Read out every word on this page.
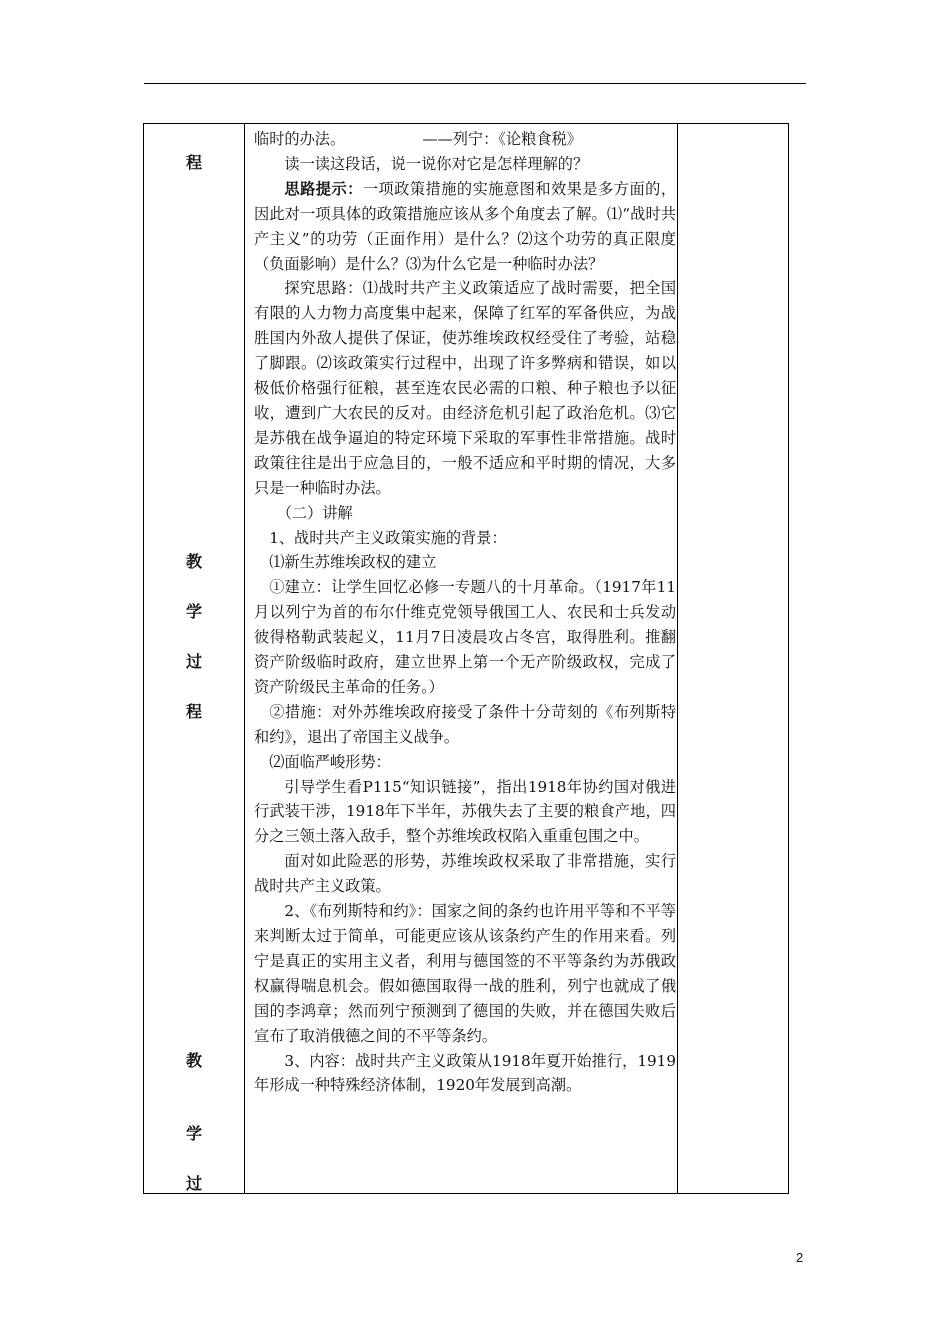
程
教
学
过
程
教
学
过

临时的办法。                ——列宁：《论粮食税》

读一读这段话，说一说你对它是怎样理解的？

思路提示：一项政策措施的实施意图和效果是多方面的，因此对一项具体的政策措施应该从多个角度去了解。⑴“战时共产主义”的功劳（正面作用）是什么？⑵这个功劳的真正限度（负面影响）是什么？⑶为什么它是一种临时办法？

探究思路：⑴战时共产主义政策适应了战时需要，把全国有限的人力物力高度集中起来，保障了红军的军备供应，为战胜国内外敌人提供了保证，使苏维埃政权经受住了考验，站稳了脚跟。⑵该政策实行过程中，出现了许多弊病和错误，如以极低价格强行征粮，甚至连农民必需的口粮、种子粮也予以征收，遭到广大农民的反对。由经济危机引起了政治危机。⑶它是苏俄在战争逼迫的特定环境下采取的军事性非常措施。战时政策往往是出于应急目的，一般不适应和平时期的情况，大多只是一种临时办法。

（二）讲解

1、战时共产主义政策实施的背景：

⑴新生苏维埃政权的建立

①建立：让学生回忆必修一专题八的十月革命。（1917年11月以列宁为首的布尔什维克党领导俄国工人、农民和士兵发动彼得格勒武装起义，11月7日凌晨攻占冬宫，取得胜利。推翻资产阶级临时政府，建立世界上第一个无产阶级政权，完成了资产阶级民主革命的任务。）

②措施：对外苏维埃政府接受了条件十分苛刻的《布列斯特和约》，退出了帝国主义战争。

⑵面临严峻形势：

引导学生看P115“知识链接”，指出1918年协约国对俄进行武装干涉，1918年下半年，苏俄失去了主要的粮食产地，四分之三领土落入敌手，整个苏维埃政权陷入重重包围之中。

面对如此险恶的形势，苏维埃政权采取了非常措施，实行战时共产主义政策。

2、《布列斯特和约》：国家之间的条约也许用平等和不平等来判断太过于简单，可能更应该从该条约产生的作用来看。列宁是真正的实用主义者，利用与德国签的不平等条约为苏俄政权赢得喘息机会。假如德国取得一战的胜利，列宁也就成了俄国的李鸿章；然而列宁预测到了德国的失败，并在德国失败后宣布了取消俄德之间的不平等条约。

3、内容：战时共产主义政策从1918年夏开始推行，1919年形成一种特殊经济体制，1920年发展到高潮。

2
